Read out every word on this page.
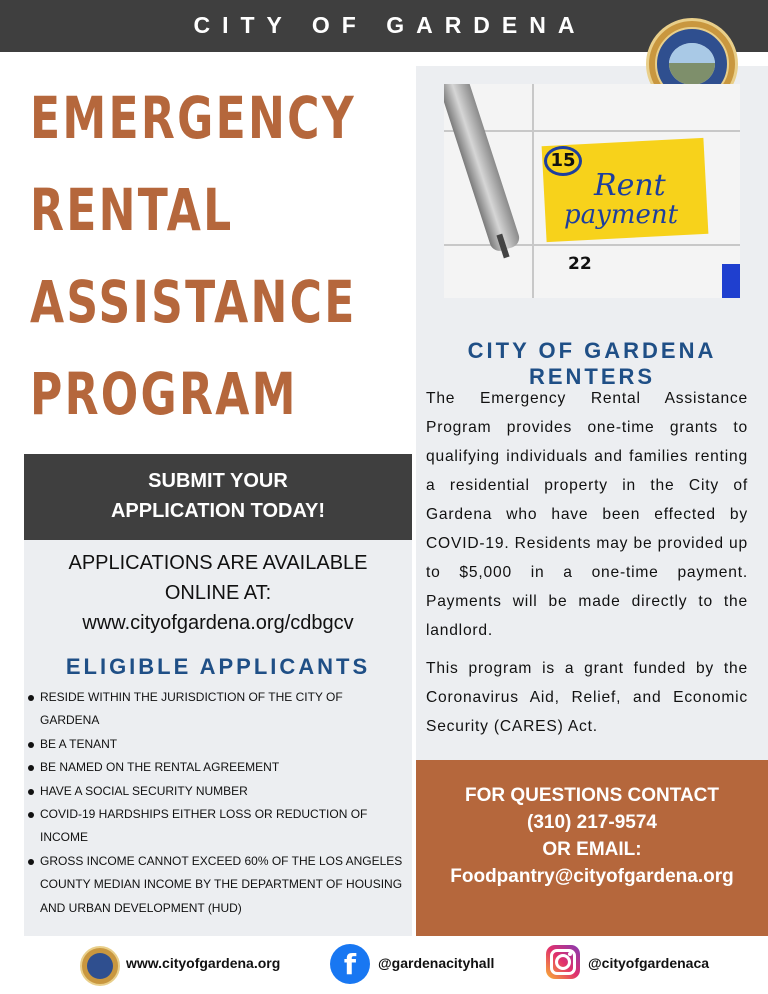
CITY OF GARDENA
15
Rent
payment
22
EMERGENCY
RENTAL
ASSISTANCE
PROGRAM
SUBMIT YOUR
APPLICATION TODAY!
APPLICATIONS ARE AVAILABLE
ONLINE AT:
www.cityofgardena.org/cdbgcv
ELIGIBLE APPLICANTS
RESIDE WITHIN THE JURISDICTION OF THE CITY OF GARDENA
BE A TENANT
BE NAMED ON THE RENTAL AGREEMENT
HAVE A SOCIAL SECURITY NUMBER
COVID-19 HARDSHIPS EITHER LOSS OR REDUCTION OF INCOME
GROSS INCOME CANNOT EXCEED 60% OF THE LOS ANGELES COUNTY MEDIAN INCOME BY THE DEPARTMENT OF HOUSING AND URBAN DEVELOPMENT (HUD)
CITY OF GARDENA RENTERS
The Emergency Rental Assistance Program provides one-time grants to qualifying individuals and families renting a residential property in the City of Gardena who have been effected by COVID-19. Residents may be provided up to $5,000 in a one-time payment. Payments will be made directly to the landlord.
This program is a grant funded by the Coronavirus Aid, Relief, and Economic Security (CARES) Act.
FOR QUESTIONS CONTACT
(310) 217-9574
OR EMAIL:
Foodpantry@cityofgardena.org
www.cityofgardena.org	f	@gardenacityhall	@cityofgardenaca
